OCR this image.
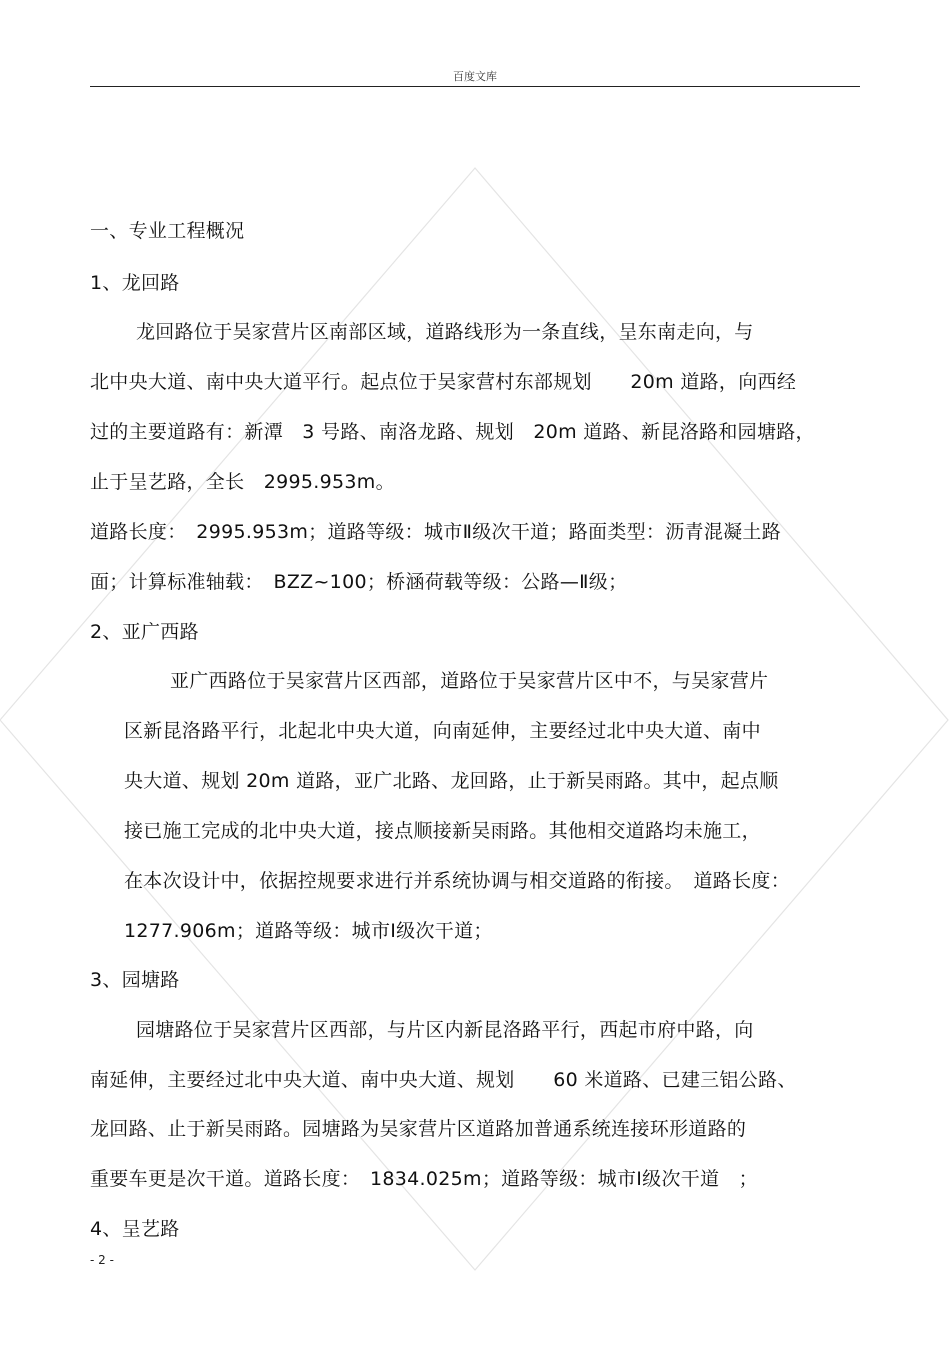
百度文库
一、专业工程概况
1、龙回路
龙回路位于吴家营片区南部区域，道路线形为一条直线，呈东南走向，与
北中央大道、南中央大道平行。起点位于吴家营村东部规划　　20m 道路，向西经
过的主要道路有：新潭　3 号路、南洛龙路、规划　20m 道路、新昆洛路和园塘路，
止于呈艺路，全长　2995.953m。
道路长度：　2995.953m；道路等级：城市Ⅱ级次干道；路面类型：沥青混凝土路
面；计算标准轴载：　BZZ~100；桥涵荷载等级：公路—Ⅱ级；
2、亚广西路
亚广西路位于吴家营片区西部，道路位于吴家营片区中不，与吴家营片
区新昆洛路平行，北起北中央大道，向南延伸，主要经过北中央大道、南中
央大道、规划 20m 道路，亚广北路、龙回路，止于新吴雨路。其中，起点顺
接已施工完成的北中央大道，接点顺接新吴雨路。其他相交道路均未施工，
在本次设计中，依据控规要求进行并系统协调与相交道路的衔接。　道路长度：
1277.906m；道路等级：城市Ⅰ级次干道；
3、园塘路
园塘路位于吴家营片区西部，与片区内新昆洛路平行，西起市府中路，向
南延伸，主要经过北中央大道、南中央大道、规划　　60 米道路、已建三铝公路、
龙回路、止于新吴雨路。园塘路为吴家营片区道路加普通系统连接环形道路的
重要车更是次干道。道路长度：　1834.025m；道路等级：城市Ⅰ级次干道　；
4、呈艺路
- 2 -
